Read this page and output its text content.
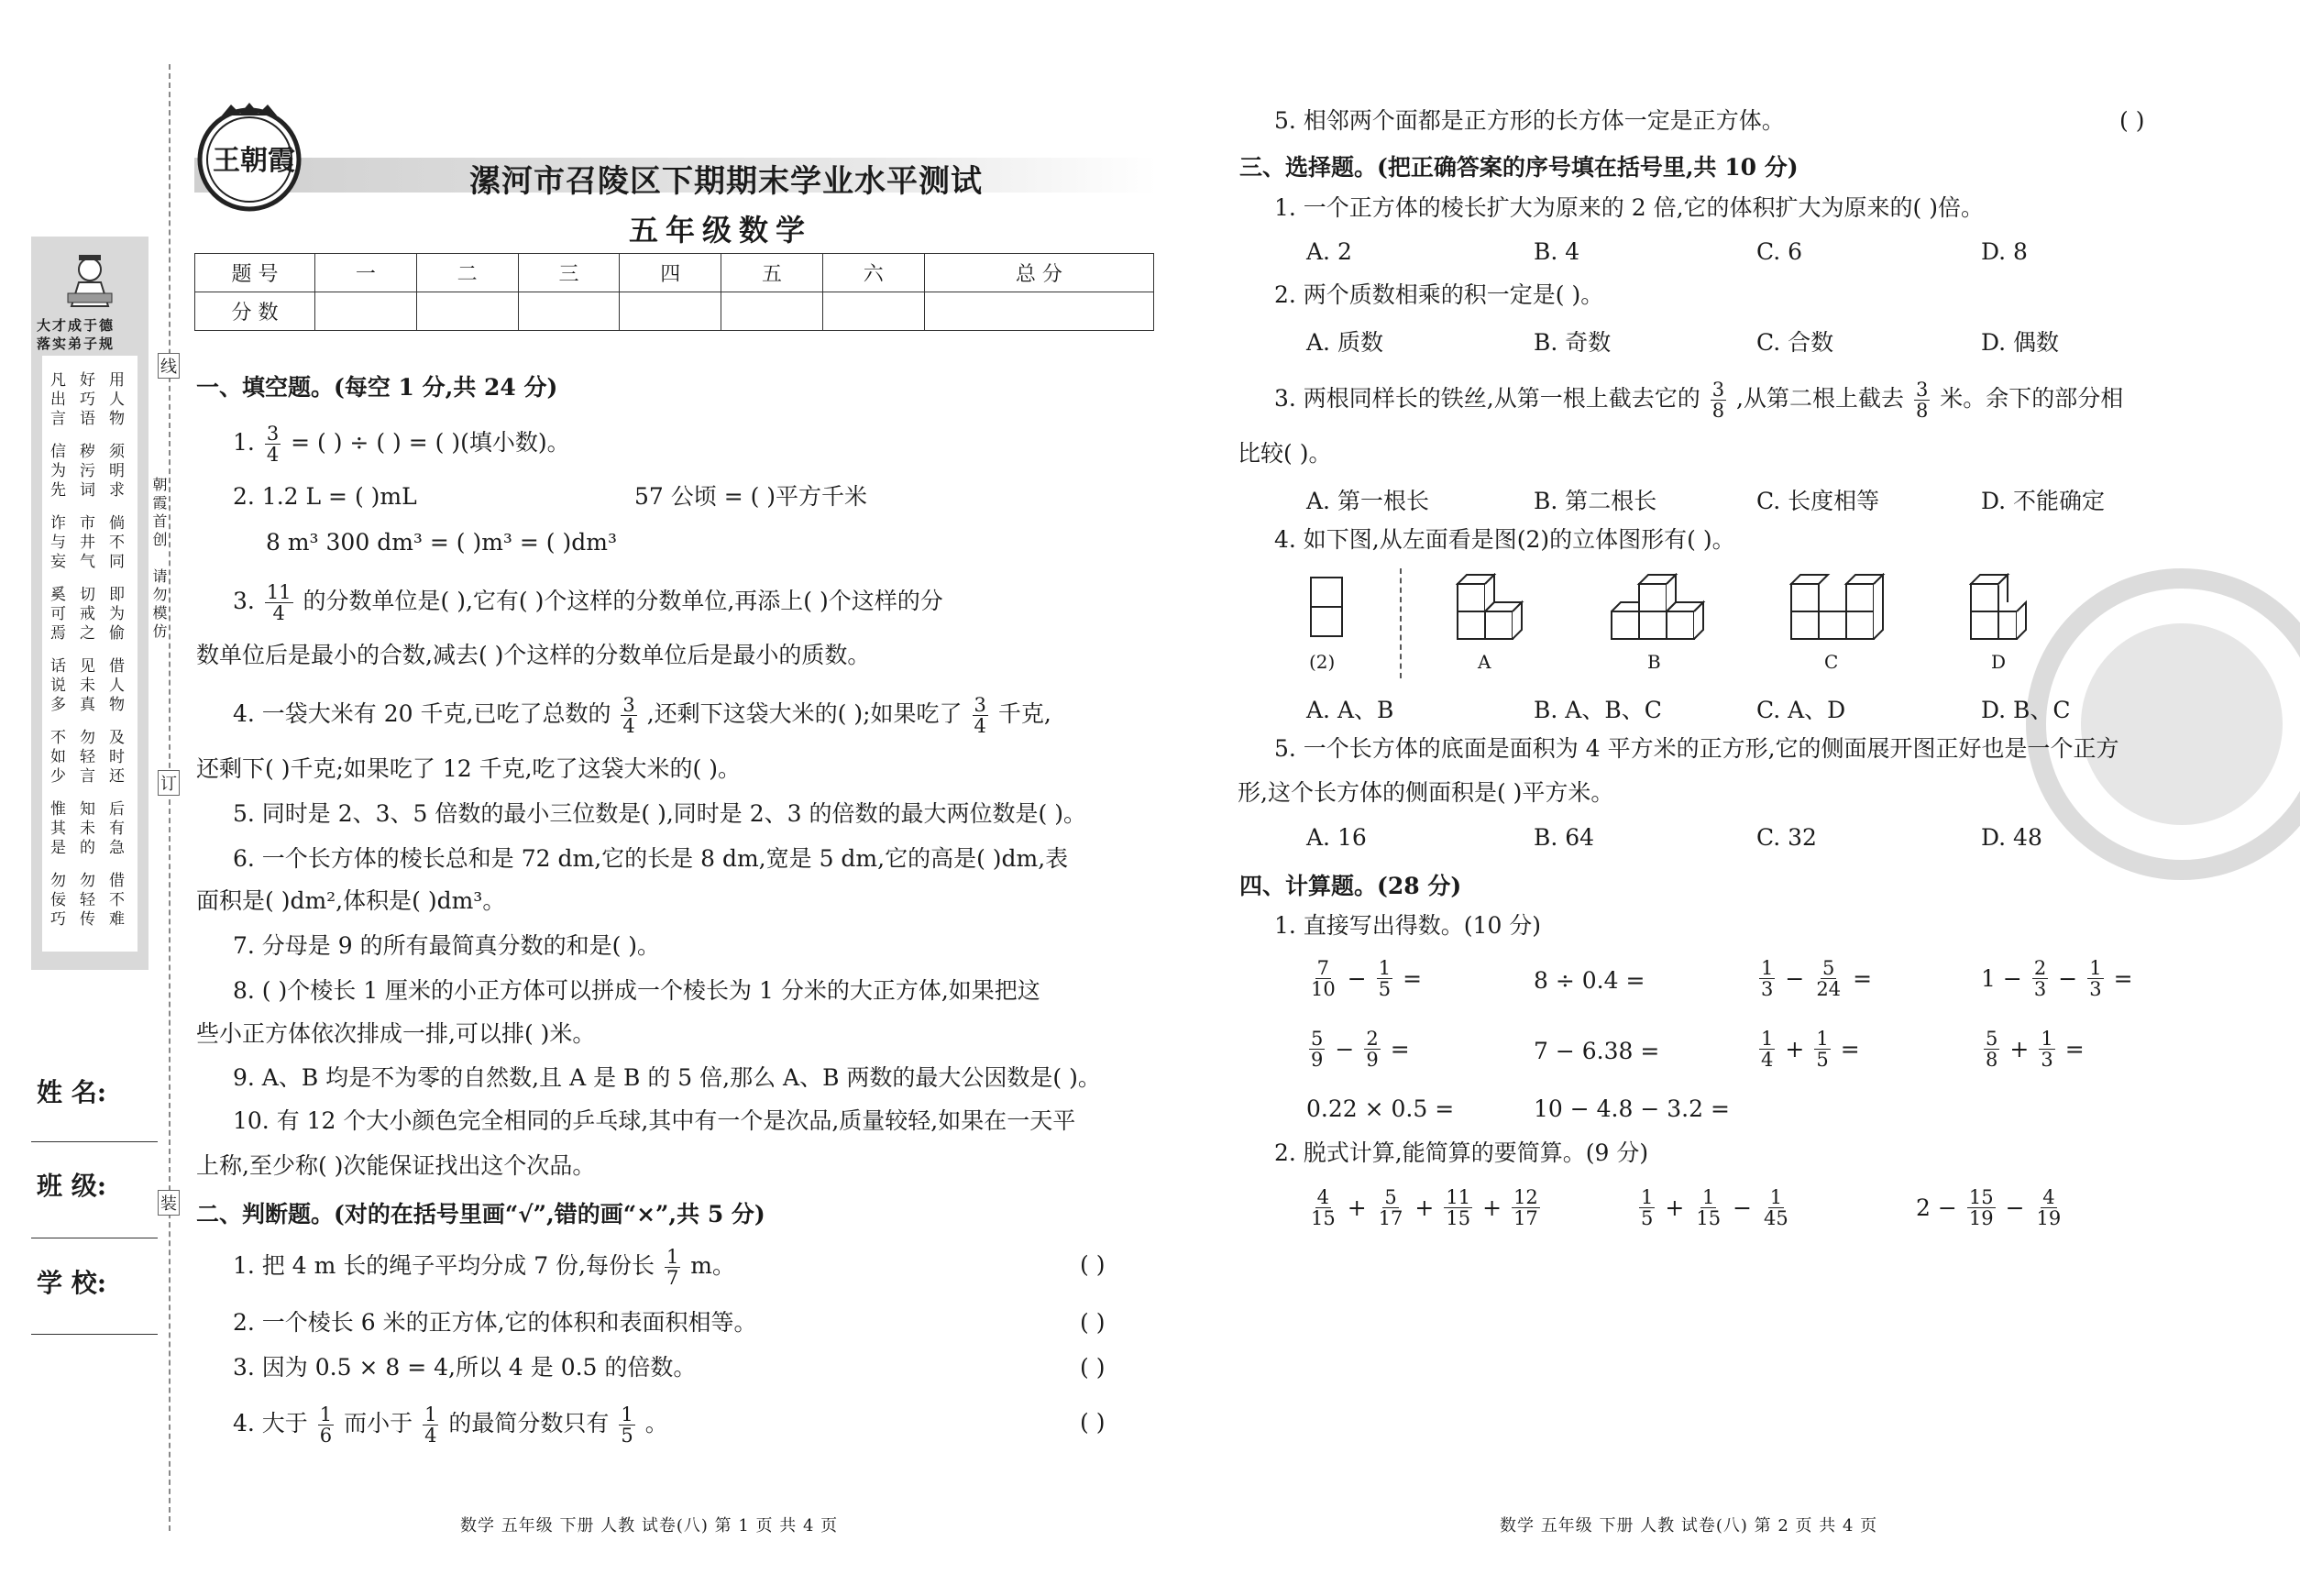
线
订
装
朝霞首创
请勿模仿
大才成于德
落实弟子规
凡出言
信为先
诈与妄
奚可焉
话说多
不如少
惟其是
勿佞巧
好巧语
秽污词
市井气
切戒之
见未真
勿轻言
知未的
勿轻传
用人物
须明求
倘不同
即为偷
借人物
及时还
后有急
借不难
姓 名:
班 级:
学 校:
王朝霞
漯河市召陵区下期期末学业水平测试
五年级数学
题 号	一	二	三	四	五	六	总 分
分 数							
一、填空题。(每空 1 分,共 24 分)
1. $\frac{3}{4}$ = ( ) ÷ ( ) = ( )(填小数)。
2. 1.2 L = ( )mL	57 公顷 = ( )平方千米
8 m³ 300 dm³ = ( )m³ = ( )dm³
3. $\frac{11}{4}$ 的分数单位是( ),它有( )个这样的分数单位,再添上( )个这样的分
数单位后是最小的合数,减去( )个这样的分数单位后是最小的质数。
4. 一袋大米有 20 千克,已吃了总数的 $\frac{3}{4}$ ,还剩下这袋大米的( );如果吃了 $\frac{3}{4}$ 千克,
还剩下( )千克;如果吃了 12 千克,吃了这袋大米的( )。
5. 同时是 2、3、5 倍数的最小三位数是( ),同时是 2、3 的倍数的最大两位数是( )。
6. 一个长方体的棱长总和是 72 dm,它的长是 8 dm,宽是 5 dm,它的高是( )dm,表
面积是( )dm²,体积是( )dm³。
7. 分母是 9 的所有最简真分数的和是( )。
8. ( )个棱长 1 厘米的小正方体可以拼成一个棱长为 1 分米的大正方体,如果把这
些小正方体依次排成一排,可以排( )米。
9. A、B 均是不为零的自然数,且 A 是 B 的 5 倍,那么 A、B 两数的最大公因数是( )。
10. 有 12 个大小颜色完全相同的乒乓球,其中有一个是次品,质量较轻,如果在一天平
上称,至少称( )次能保证找出这个次品。
二、判断题。(对的在括号里画“√”,错的画“×”,共 5 分)
1. 把 4 m 长的绳子平均分成 7 份,每份长 $\frac{1}{7}$ m。	( )
2. 一个棱长 6 米的正方体,它的体积和表面积相等。	( )
3. 因为 0.5 × 8 = 4,所以 4 是 0.5 的倍数。	( )
4. 大于 $\frac{1}{6}$ 而小于 $\frac{1}{4}$ 的最简分数只有 $\frac{1}{5}$ 。	( )
数学 五年级 下册 人教 试卷(八) 第 1 页 共 4 页
5. 相邻两个面都是正方形的长方体一定是正方体。	( )
三、选择题。(把正确答案的序号填在括号里,共 10 分)
1. 一个正方体的棱长扩大为原来的 2 倍,它的体积扩大为原来的( )倍。
A. 2	B. 4	C. 6	D. 8
2. 两个质数相乘的积一定是( )。
A. 质数	B. 奇数	C. 合数	D. 偶数
3. 两根同样长的铁丝,从第一根上截去它的 $\frac{3}{8}$ ,从第二根上截去 $\frac{3}{8}$ 米。余下的部分相
比较( )。
A. 第一根长	B. 第二根长	C. 长度相等	D. 不能确定
4. 如下图,从左面看是图(2)的立体图形有( )。
(2)	A	B	C	D
A. A、B	B. A、B、C	C. A、D	D. B、C
5. 一个长方体的底面是面积为 4 平方米的正方形,它的侧面展开图正好也是一个正方
形,这个长方体的侧面积是( )平方米。
A. 16	B. 64	C. 32	D. 48
四、计算题。(28 分)
1. 直接写出得数。(10 分)
$\frac{7}{10} - \frac{1}{5}$ =	8 ÷ 0.4 =	$\frac{1}{3} - \frac{5}{24}$ =	$1 - \frac{2}{3} - \frac{1}{3}$ =
$\frac{5}{9} - \frac{2}{9}$ =	7 − 6.38 =	$\frac{1}{4} + \frac{1}{5}$ =	$\frac{5}{8} + \frac{1}{3}$ =
0.22 × 0.5 =	10 − 4.8 − 3.2 =
2. 脱式计算,能简算的要简算。(9 分)
$\frac{4}{15} + \frac{5}{17} + \frac{11}{15} + \frac{12}{17}$	$\frac{1}{5} + \frac{1}{15} - \frac{1}{45}$	$2 - \frac{15}{19} - \frac{4}{19}$
数学 五年级 下册 人教 试卷(八) 第 2 页 共 4 页
